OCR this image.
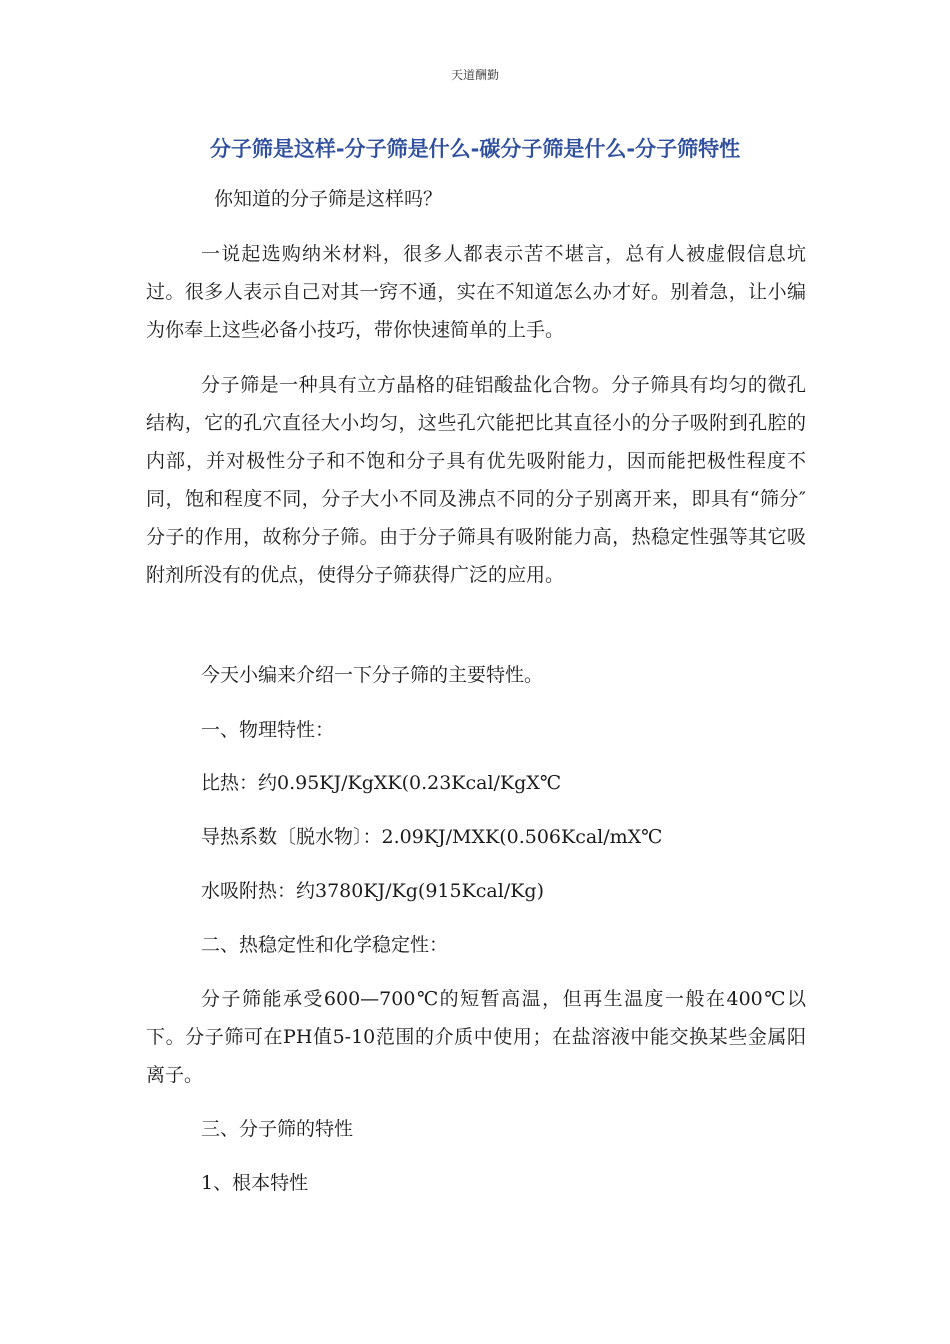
天道酬勤
分子筛是这样-分子筛是什么-碳分子筛是什么-分子筛特性

你知道的分子筛是这样吗？

一说起选购纳米材料，很多人都表示苦不堪言，总有人被虚假信息坑过。很多人表示自己对其一窍不通，实在不知道怎么办才好。别着急，让小编为你奉上这些必备小技巧，带你快速简单的上手。

分子筛是一种具有立方晶格的硅铝酸盐化合物。分子筛具有均匀的微孔结构，它的孔穴直径大小均匀，这些孔穴能把比其直径小的分子吸附到孔腔的内部，并对极性分子和不饱和分子具有优先吸附能力，因而能把极性程度不同，饱和程度不同，分子大小不同及沸点不同的分子别离开来，即具有“筛分″分子的作用，故称分子筛。由于分子筛具有吸附能力高，热稳定性强等其它吸附剂所没有的优点，使得分子筛获得广泛的应用。

今天小编来介绍一下分子筛的主要特性。

一、物理特性：

比热：约0.95KJ/KgXK(0.23Kcal/KgX℃

导热系数〔脱水物〕：2.09KJ/MXK(0.506Kcal/mX℃

水吸附热：约3780KJ/Kg(915Kcal/Kg)

二、热稳定性和化学稳定性：

分子筛能承受600—700℃的短暂高温，但再生温度一般在400℃以下。分子筛可在PH值5-10范围的介质中使用；在盐溶液中能交换某些金属阳离子。

三、分子筛的特性

1、根本特性
